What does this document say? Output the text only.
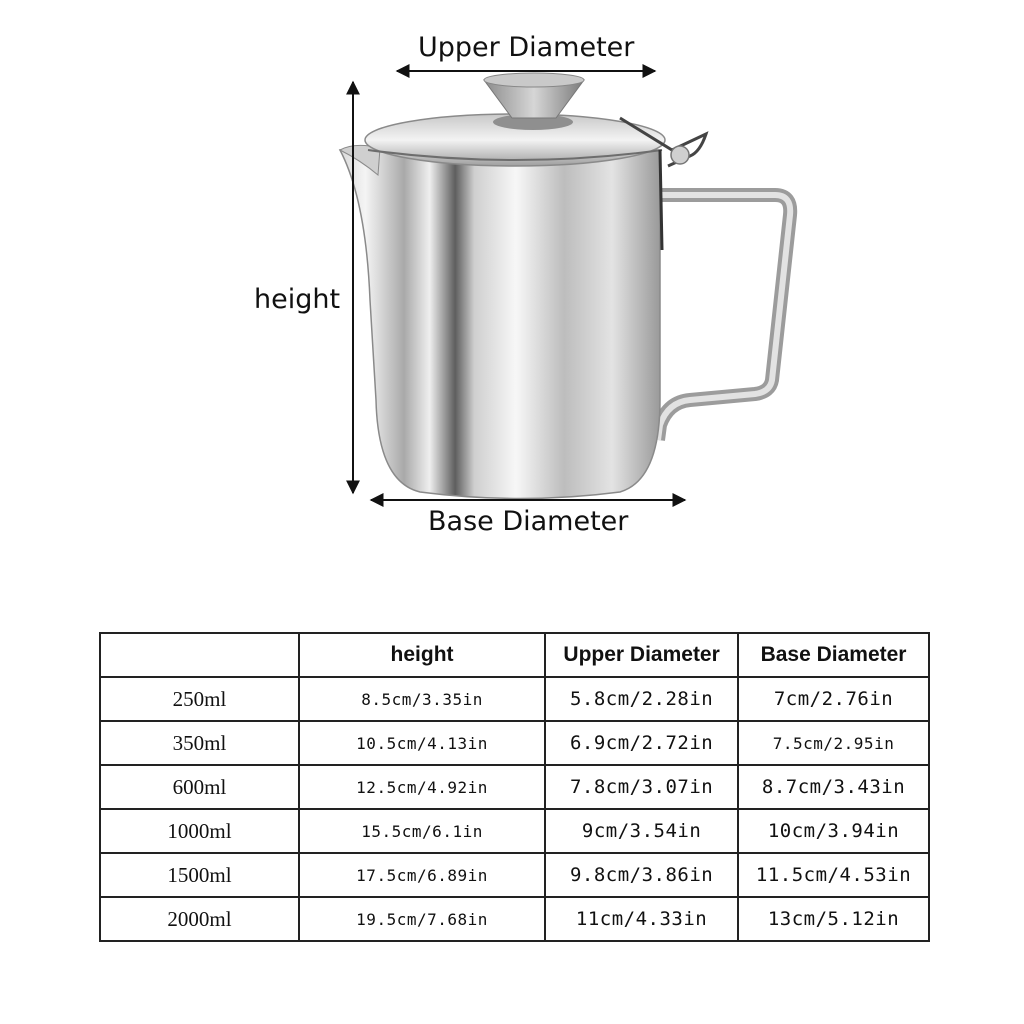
Upper Diameter
height
Base Diameter
	height	Upper Diameter	Base Diameter
250ml	8.5cm/3.35in	5.8cm/2.28in	7cm/2.76in
350ml	10.5cm/4.13in	6.9cm/2.72in	7.5cm/2.95in
600ml	12.5cm/4.92in	7.8cm/3.07in	8.7cm/3.43in
1000ml	15.5cm/6.1in	9cm/3.54in	10cm/3.94in
1500ml	17.5cm/6.89in	9.8cm/3.86in	11.5cm/4.53in
2000ml	19.5cm/7.68in	11cm/4.33in	13cm/5.12in
